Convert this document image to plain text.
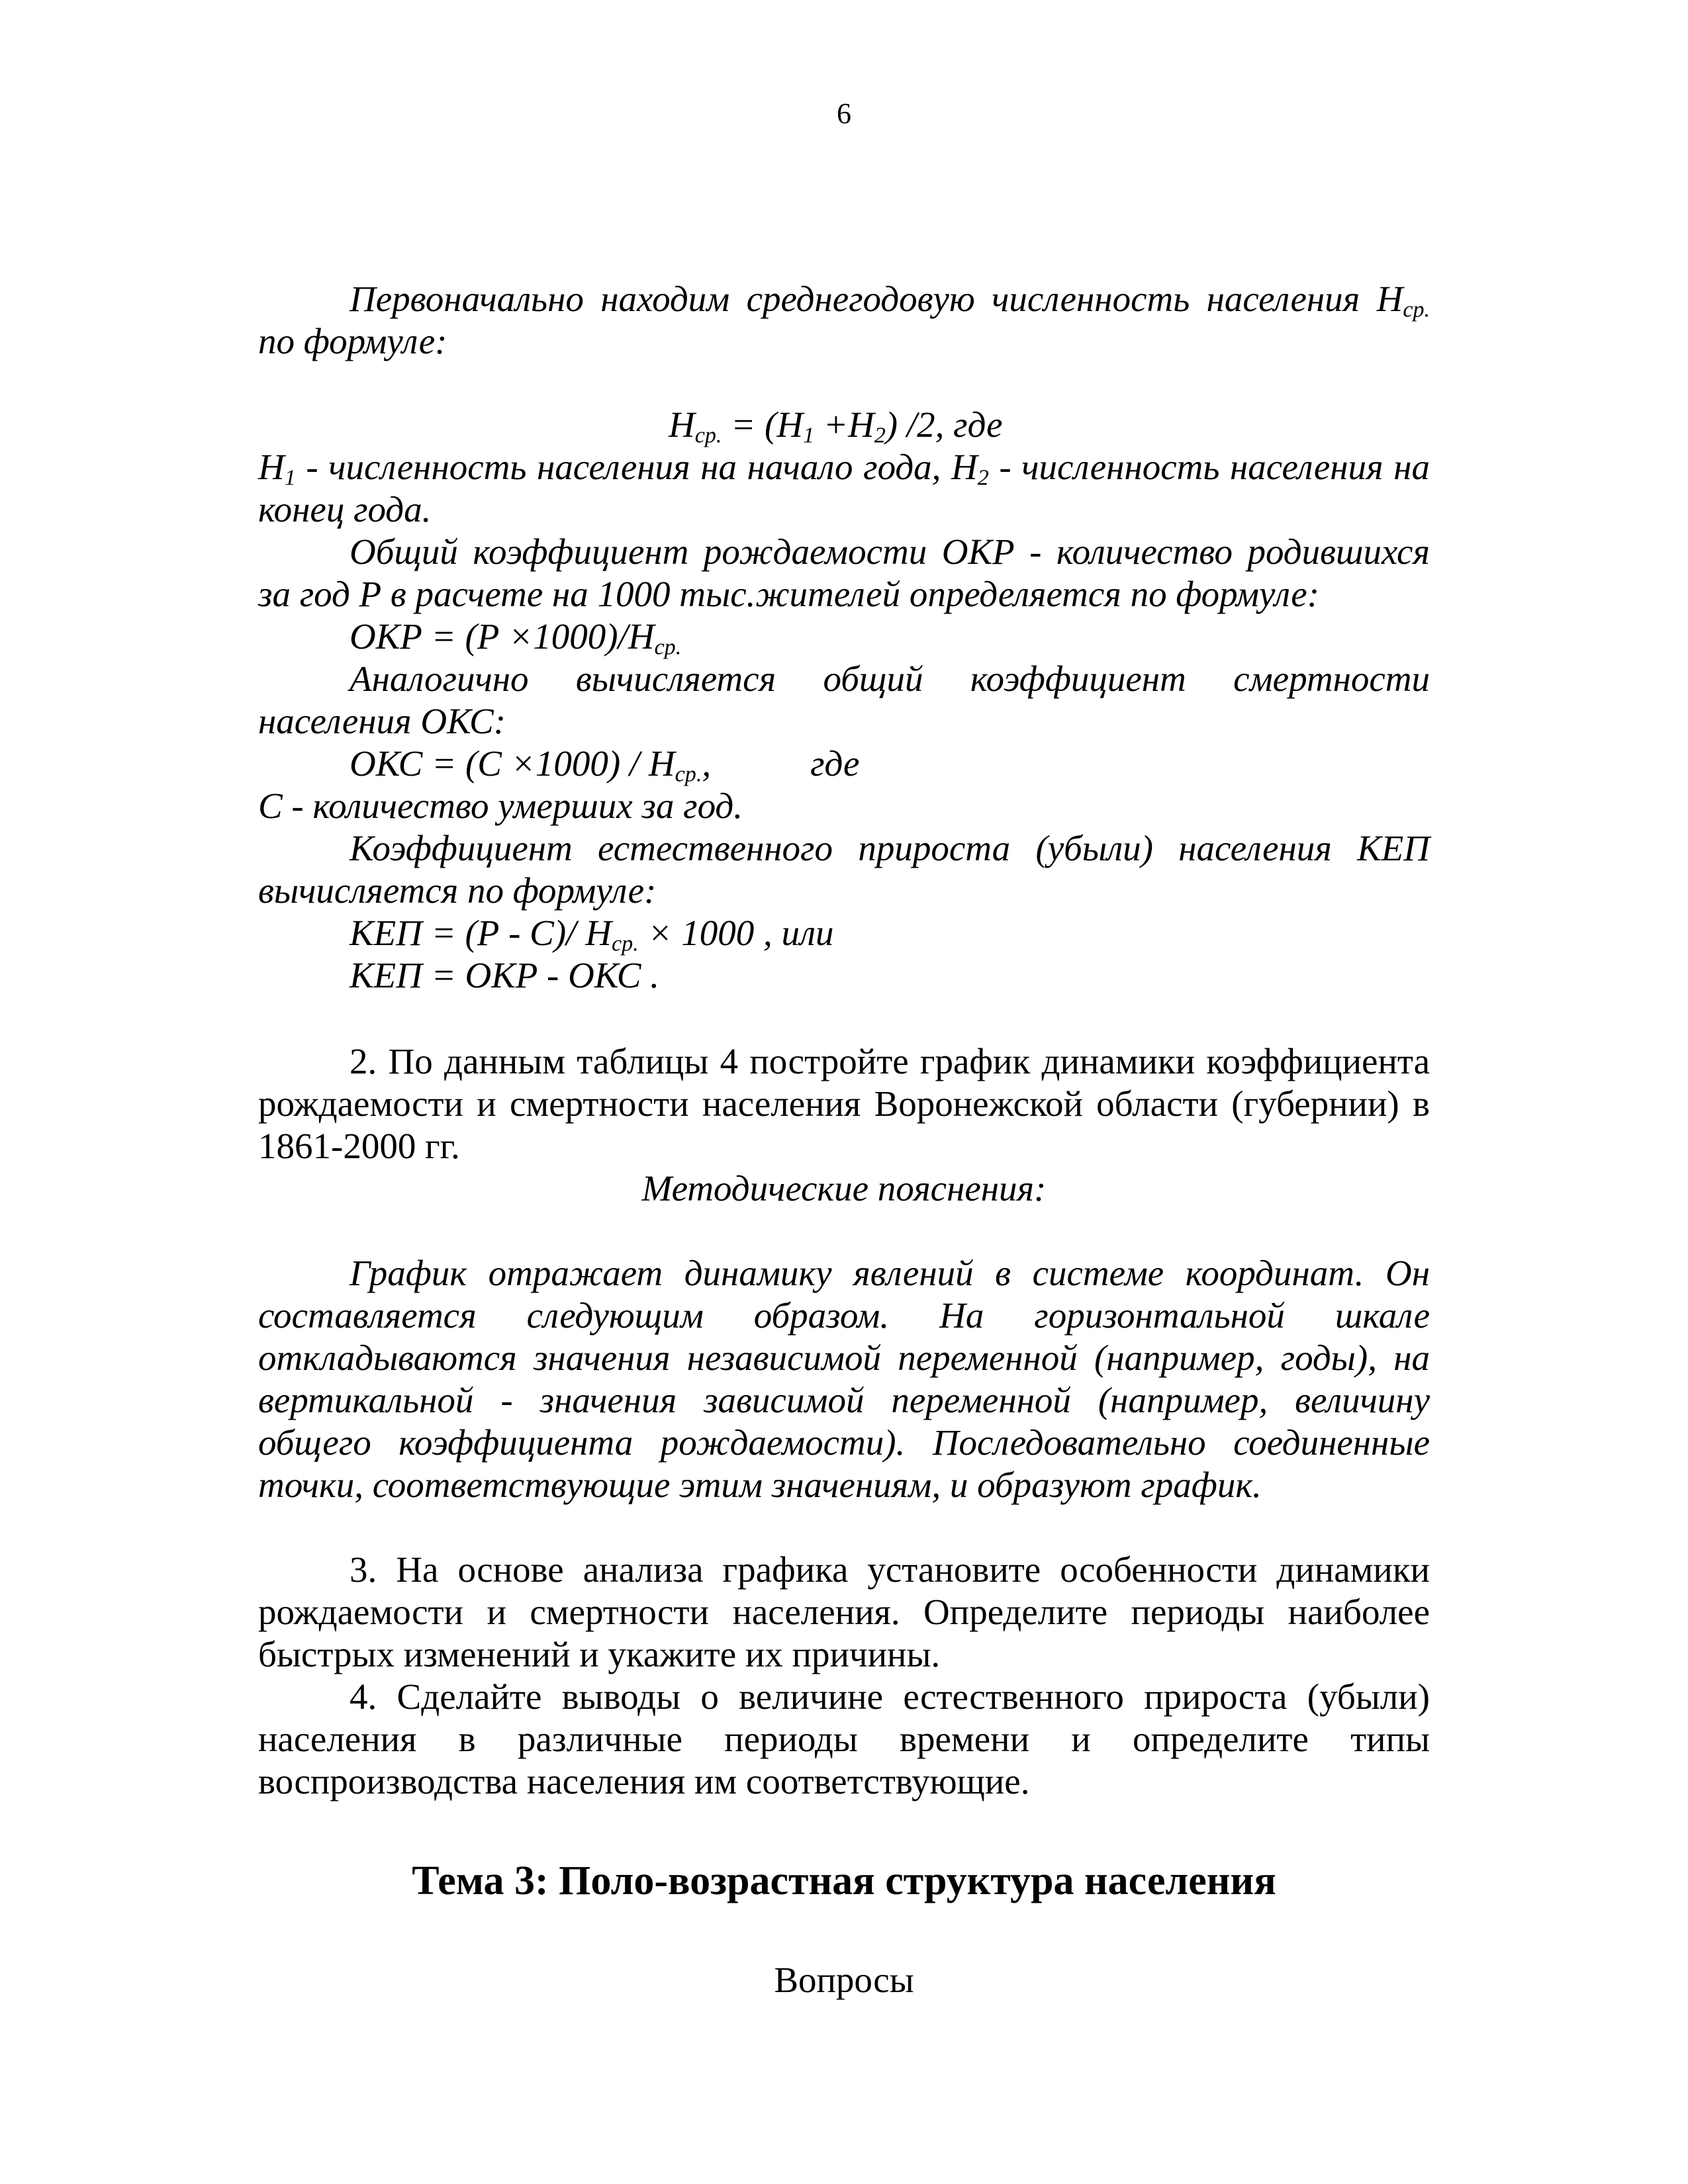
6
Первоначально находим среднегодовую численность населения $Н_{ср.}$
по формуле:
$Н_{ср.} = (Н_1 +Н_2)$ /2, где
$Н_1$ - численность населения на начало года, $Н_2$ - численность населения на
конец года.
Общий коэффициент рождаемости ОКР - количество родившихся
за год Р в расчете на 1000 тыс.жителей определяется по формуле:
ОКР = $(Р \times 1000)/Н_{ср.}$
Аналогично вычисляется общий коэффициент смертности
населения ОКС:
ОКС = $(С \times 1000) / Н_{ср.}$,	где
С - количество умерших за год.
Коэффициент естественного прироста (убыли) населения КЕП
вычисляется по формуле:
КЕП = (Р - С)/ $Н_{ср.} \times 1000$ , или
КЕП = ОКР - ОКС .
2. По данным таблицы 4 постройте график динамики коэффициента
рождаемости и смертности населения Воронежской области (губернии) в
1861-2000 гг.
Методические пояснения:
График отражает динамику явлений в системе координат. Он
составляется следующим образом. На горизонтальной шкале
откладываются значения независимой переменной (например, годы), на
вертикальной - значения зависимой переменной (например, величину
общего коэффициента рождаемости). Последовательно соединенные
точки, соответствующие этим значениям, и образуют график.
3. На основе анализа графика установите особенности динамики
рождаемости и смертности населения. Определите периоды наиболее
быстрых изменений и укажите их причины.
4. Сделайте выводы о величине естественного прироста (убыли)
населения в различные периоды времени и определите типы
воспроизводства населения им соответствующие.
Тема 3: Поло-возрастная структура населения
Вопросы
